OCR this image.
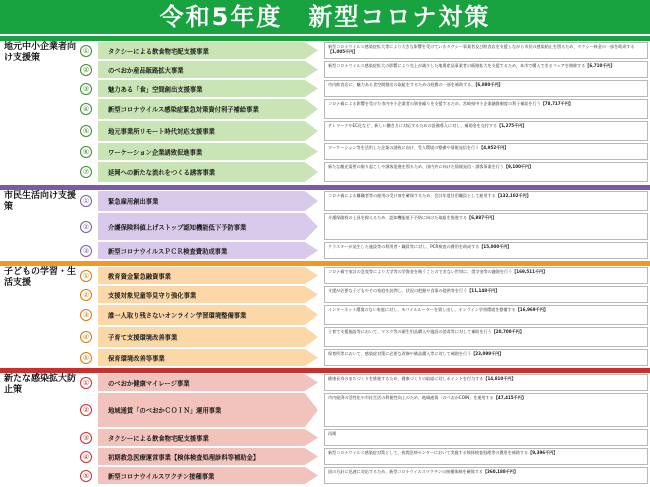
令和5年度　新型コロナ対策
地元中小企業者向け支援策
①	タクシーによる飲食物宅配支援事業
新型コロナウイルス感染症拡大等により大きな影響を受けているタクシー事業者及び飲食店を支援しながら市民の感染防止を図るため、タクシー料金の一部を助成する【1,005千円】
②	のべおか産品販路拡大事業
新型コロナウイルス感染症拡大の影響により売上が減少した地場産品事業者の販路拡大を支援するため、本市で購入できるフェアを開催する【6,710千円】
③	魅力ある「食」空間創出支援事業
市内飲食店に、魅力ある食空間創出の取組をするための経費の一部を補助する。【6,880千円】
④	新型コロナウイルス感染症緊急対策資付利子補給事業
コロナ禍による影響を受けた市内中小企業者の資金繰りを支援するため、宮崎県中小企業融資制度の利子補給を行う【78,717千円】
⑤	地元事業所リモート時代対応支援事業
テレワークやEC化など、新しい働き方に対応するための設備導入に対し、補助金を交付する【1,275千円】
⑥	ワーケーション企業誘致促進事業
ワーケーション等を活用した企業の誘致に向け、受入環境の整備や情報発信を行う【4,952千円】
⑦	延岡への新たな流れをつくる誘客事業
新たな観光需要の掘り起こしや誘客促進を図るため、国内外に向けた情報発信・誘客事業を行う【9,100千円】
市民生活向け支援策
①	緊急雇用創出事業
コロナ禍による離職者等の雇用の受け皿を確保するため、会計年度任用職員として雇用する【132,102千円】
②	介護保険料値上げストップ認知機能低下予防事業
介護保険料の上昇を抑えるため、認知機能低下予防に向けた取組を推進する【6,887千円】
③	新型コロナウイルスＰＣＲ検査費助成事業
クラスターが発生した施設等の利用者・職員等に対し、PCR検査の費用を助成する【15,000千円】
子どもの学習・生活支援
①	教育資金緊急融資事業
コロナ禍で家計の急変等により大学等の学資金を賄うことのできない世帯に、奨学金等の融資を行う【169,511千円】
②	支援対象児童等見守り強化事業
支援が必要な子どもやその家庭を訪問し、状況の把握や食事の提供等を行う【11,148千円】
③	誰一人取り残さないオンライン学習環境整備事業
インターネット環境のない家庭に対し、モバイルルーターを貸し出し、オンライン学習環境を整備する【16,969千円】
④	子育て支援環境改善事業
子育て支援施設等において、マスク等の衛生用品購入や施設の消毒等に対して補助を行う【20,700千円】
⑤	保育環境改善等事業
保育所等において、感染症対策に必要な改修や備品購入等に対して補助を行う【23,099千円】
新たな感染拡大防止策
①	のべおか健康マイレージ事業
健康長寿のまちづくりを推進するため、健康づくりの取組に対しポイントを付与する【14,810千円】
②	地域通貨「のべおかＣＯＩＮ」運用事業
市内経済の活性化や市民生活の利便性向上のため、地域通貨「のべおかCOIN」を運用する【47,415千円】
③	タクシーによる飲食物宅配支援事業
再掲
④	初期救急医療運営事業【検体検査処理診料等補助金】
新型コロナウイルス感染症対策として、夜間急病センターにおいて実施する検体検査処理等の費用を補助する【9,396千円】
⑤	新型コロナウイルスワクチン接種事業
国の方針に迅速に対応するため、新型コロナウイルスワクチンの接種体制を確保する【360,188千円】
